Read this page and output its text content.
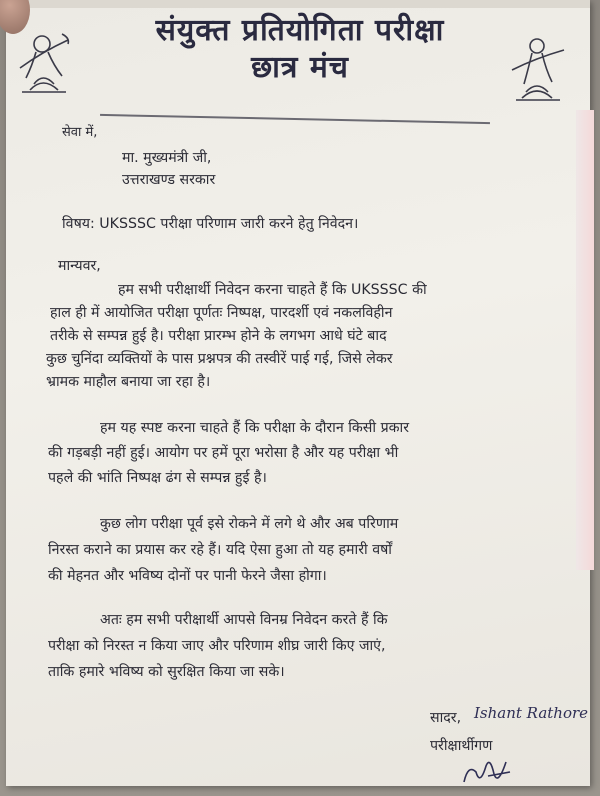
संयुक्त प्रतियोगिता परीक्षा
छात्र मंच
सेवा में,
मा. मुख्यमंत्री जी,
उत्तराखण्ड सरकार
विषय: UKSSSC परीक्षा परिणाम जारी करने हेतु निवेदन।
मान्यवर,
हम सभी परीक्षार्थी निवेदन करना चाहते हैं कि UKSSSC की
हाल ही में आयोजित परीक्षा पूर्णतः निष्पक्ष, पारदर्शी एवं नकलविहीन
तरीके से सम्पन्न हुई है। परीक्षा प्रारम्भ होने के लगभग आधे घंटे बाद
कुछ चुनिंदा व्यक्तियों के पास प्रश्नपत्र की तस्वीरें पाई गई, जिसे लेकर
भ्रामक माहौल बनाया जा रहा है।
हम यह स्पष्ट करना चाहते हैं कि परीक्षा के दौरान किसी प्रकार
की गड़बड़ी नहीं हुई। आयोग पर हमें पूरा भरोसा है और यह परीक्षा भी
पहले की भांति निष्पक्ष ढंग से सम्पन्न हुई है।
कुछ लोग परीक्षा पूर्व इसे रोकने में लगे थे और अब परिणाम
निरस्त कराने का प्रयास कर रहे हैं। यदि ऐसा हुआ तो यह हमारी वर्षों
की मेहनत और भविष्य दोनों पर पानी फेरने जैसा होगा।
अतः हम सभी परीक्षार्थी आपसे विनम्र निवेदन करते हैं कि
परीक्षा को निरस्त न किया जाए और परिणाम शीघ्र जारी किए जाएं,
ताकि हमारे भविष्य को सुरक्षित किया जा सके।
सादर, Ishant Rathore
परीक्षार्थीगण
